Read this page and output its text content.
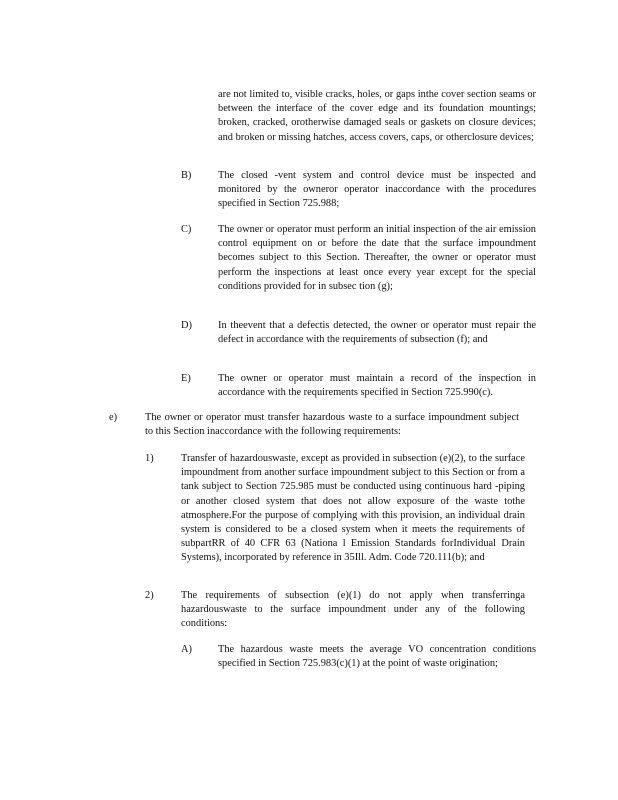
are not limited to, visible cracks, holes, or gaps inthe cover section seams or between the interface of the cover edge and its foundation mountings; broken, cracked, orotherwise damaged seals or gaskets on closure devices; and broken or missing hatches, access covers, caps, or otherclosure devices;
B)	The closed -vent system and control device must be inspected and monitored by the owneror operator inaccordance with the procedures specified in Section 725.988;
C)	The owner or operator must perform an initial inspection of the air emission control equipment on or before the date that the surface impoundment becomes subject to this Section. Thereafter, the owner or operator must perform the inspections at least once every year except for the special conditions provided for in subsec tion (g);
D)	In theevent that a defectis detected, the owner or operator must repair the defect in accordance with the requirements of subsection (f); and
E)	The owner or operator must maintain a record of the inspection in accordance with the requirements specified in Section 725.990(c).
e)	The owner or operator must transfer hazardous waste to a surface impoundment subject to this Section inaccordance with the following requirements:
1)	Transfer of hazardouswaste, except as provided in subsection (e)(2), to the surface impoundment from another surface impoundment subject to this Section or from a tank subject to Section 725.985 must be conducted using continuous hard -piping or another closed system that does not allow exposure of the waste tothe atmosphere.For the purpose of complying with this provision, an individual drain system is considered to be a closed system when it meets the requirements of subpartRR of 40 CFR 63 (Nationa l Emission Standards forIndividual Drain Systems), incorporated by reference in 35Ill. Adm. Code 720.111(b); and
2)	The requirements of subsection (e)(1) do not apply when transferringa hazardouswaste to the surface impoundment under any of the following conditions:
A)	The hazardous waste meets the average VO concentration conditions specified in Section 725.983(c)(1) at the point of waste origination;
